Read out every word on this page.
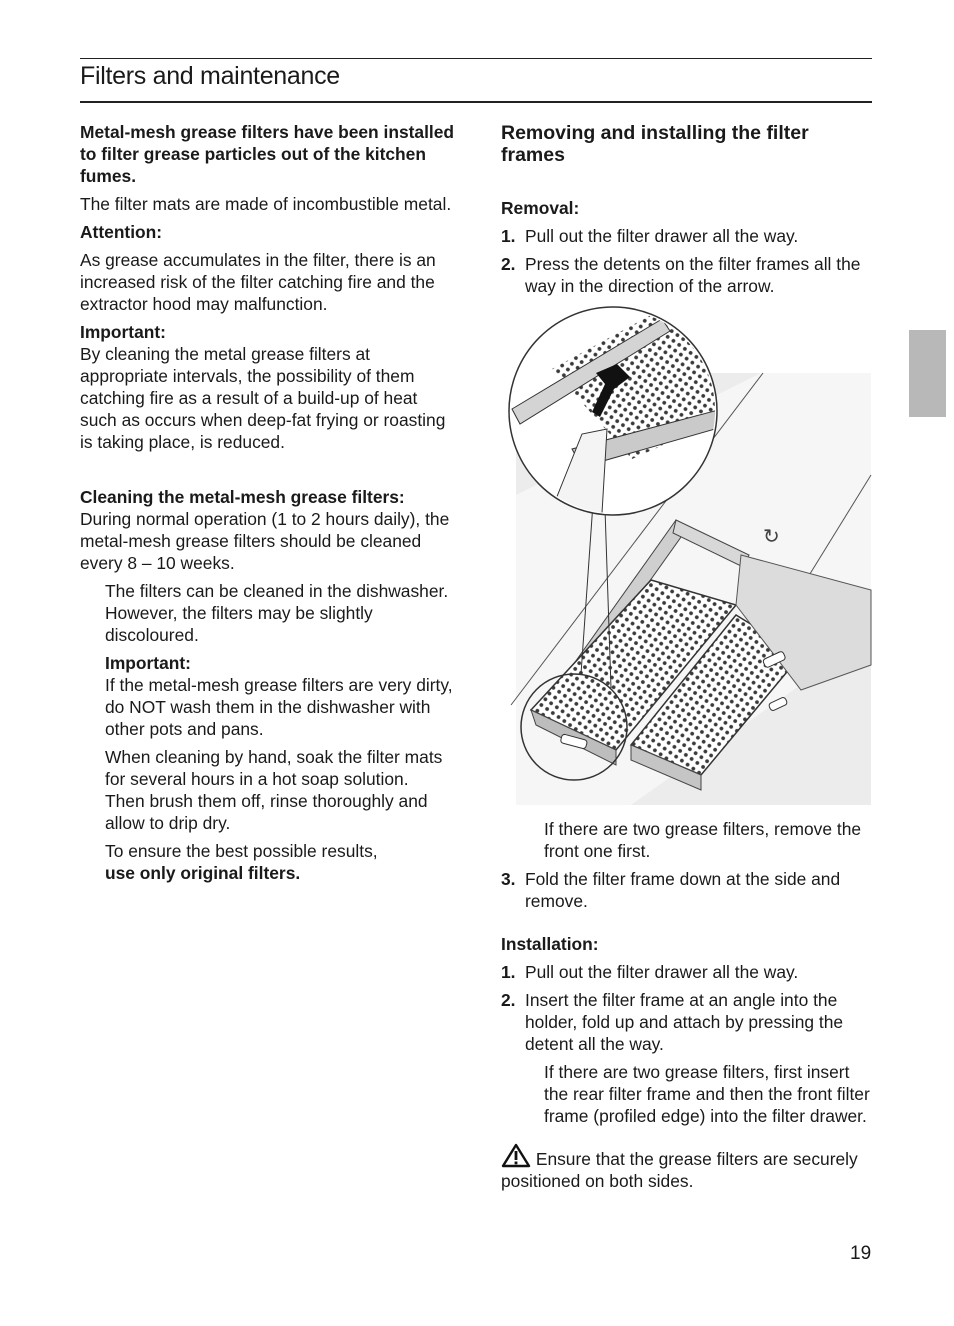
Filters and maintenance

Metal-mesh grease filters have been installed to filter grease particles out of the kitchen fumes.

The filter mats are made of incombustible metal.

Attention:

As grease accumulates in the filter, there is an increased risk of the filter catching fire and the extractor hood may malfunction.

Important:

By cleaning the metal grease filters at appropriate intervals, the possibility of them catching fire as a result of a build-up of heat such as occurs when deep-fat frying or roasting is taking place, is reduced.

Cleaning the metal-mesh grease filters:

During normal operation (1 to 2 hours daily), the metal-mesh grease filters should be cleaned every 8 – 10 weeks.

The filters can be cleaned in the dishwasher.

However, the filters may be slightly discoloured.

Important:

If the metal-mesh grease filters are very dirty, do NOT wash them in the dishwasher with other pots and pans.

When cleaning by hand, soak the filter mats for several hours in a hot soap solution.

Then brush them off, rinse thoroughly and allow to drip dry.

To ensure the best possible results,

use only original filters.

Removing and installing the filter frames

Removal:

1. Pull out the filter drawer all the way.
2. Press the detents on the filter frames all the way in the direction of the arrow.
↻

If there are two grease filters, remove the front one first.

3. Fold the filter frame down at the side and remove.

Installation:

1. Pull out the filter drawer all the way.
2. Insert the filter frame at an angle into the holder, fold up and attach by pressing the detent all the way.

If there are two grease filters, first insert the rear filter frame and then the front filter frame (profiled edge) into the filter drawer.

Ensure that the grease filters are securely positioned on both sides.

19
